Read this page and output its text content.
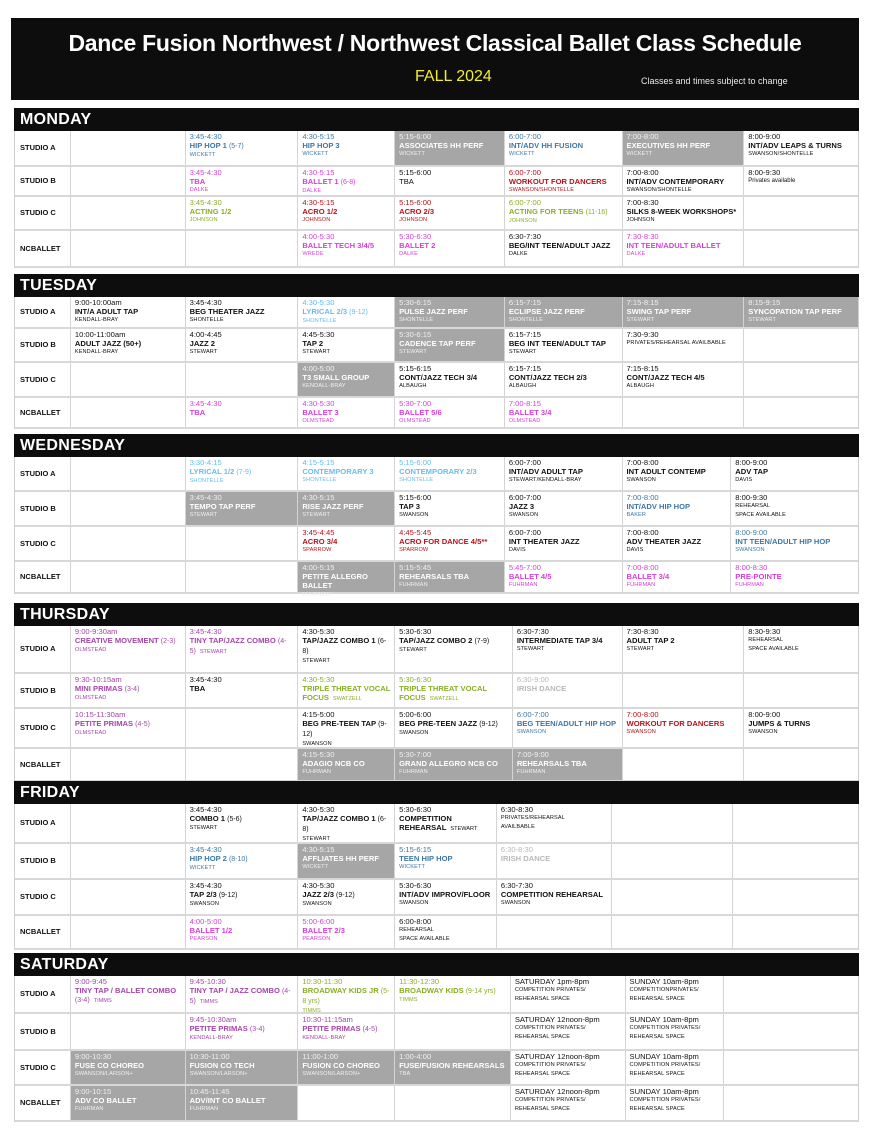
Dance Fusion Northwest / Northwest Classical Ballet Class Schedule
FALL 2024	Classes and times subject to change
MONDAY
STUDIO A
3:45-4:30
HIP HOP 1 (5-7)
WICKETT
4:30-5:15
HIP HOP 3
WICKETT
5:15-6:00
ASSOCIATES HH PERF
WICKETT
6:00-7:00
INT/ADV HH FUSION
WICKETT
7:00-8:00
EXECUTIVES HH PERF
WICKETT
8:00-9:00
INT/ADV LEAPS & TURNS
SWANSON/SHONTELLE
STUDIO B
3:45-4:30
TBA
DALKE
4:30-5:15
BALLET 1 (6-8)
DALKE
5:15-6:00
TBA
6:00-7:00
WORKOUT FOR DANCERS
SWANSON/SHONTELLE
7:00-8:00
INT/ADV CONTEMPORARY
SWANSON/SHONTELLE
8:00-9:30
Privates available
STUDIO C
3:45-4:30
ACTING 1/2
JOHNSON
4:30-5:15
ACRO 1/2
JOHNSON
5:15-6:00
ACRO 2/3
JOHNSON
6:00-7:00
ACTING FOR TEENS (11-16)
JOHNSON
7:00-8:30
SILKS 8-WEEK WORKSHOPS*
JOHNSON
NCBALLET
4:00-5:30
BALLET TECH 3/4/5
WREDE
5:30-6:30
BALLET 2
DALKE
6:30-7:30
BEG/INT TEEN/ADULT JAZZ
DALKE
7:30-8:30
INT TEEN/ADULT BALLET
DALKE
TUESDAY
STUDIO A
9:00-10:00am
INT/A ADULT TAP
KENDALL-BRAY
3:45-4:30
BEG THEATER JAZZ
SHONTELLE
4:30-5:30
LYRICAL 2/3 (9-12)
SHONTELLE
5:30-6:15
PULSE JAZZ PERF
SHONTELLE
6:15-7:15
ECLIPSE JAZZ PERF
SHONTELLE
7:15-8:15
SWING TAP PERF
STEWART
8:15-9:15
SYNCOPATION TAP PERF
STEWART
STUDIO B
10:00-11:00am
ADULT JAZZ (50+)
KENDALL-BRAY
4:00-4:45
JAZZ 2
STEWART
4:45-5:30
TAP 2
STEWART
5:30-6:15
CADENCE TAP PERF
STEWART
6:15-7:15
BEG INT TEEN/ADULT TAP
STEWART
7:30-9:30
PRIVATES/REHEARSAL AVAILBABLE
STUDIO C
4:00-5:00
T3 SMALL GROUP
KENDALL-BRAY
5:15-6:15
CONT/JAZZ TECH 3/4
ALBAUGH
6:15-7:15
CONT/JAZZ TECH 2/3
ALBAUGH
7:15-8:15
CONT/JAZZ TECH 4/5
ALBAUGH
NCBALLET
3:45-4:30
TBA
4:30-5:30
BALLET 3
OLMSTEAD
5:30-7:00
BALLET 5/6
OLMSTEAD
7:00-8:15
BALLET 3/4
OLMSTEAD
WEDNESDAY
STUDIO A
3:30-4:15
LYRICAL 1/2 (7-9)
SHONTELLE
4:15-5:15
CONTEMPORARY 3
SHONTELLE
5:15-6:00
CONTEMPORARY 2/3
SHONTELLE
6:00-7:00
INT/ADV ADULT TAP
STEWART/KENDALL-BRAY
7:00-8:00
INT ADULT CONTEMP
SWANSON
8:00-9:00
ADV TAP
DAVIS
STUDIO B
3:45-4:30
TEMPO TAP PERF
STEWART
4:30-5:15
RISE JAZZ PERF
STEWART
5:15-6:00
TAP 3
SWANSON
6:00-7:00
JAZZ 3
SWANSON
7:00-8:00
INT/ADV HIP HOP
BAKER
8:00-9:30
REHEARSAL
SPACE AVAILABLE
STUDIO C
3:45-4:45
ACRO 3/4
SPARROW
4:45-5:45
ACRO FOR DANCE 4/5**
SPARROW
6:00-7:00
INT THEATER JAZZ
DAVIS
7:00-8:00
ADV THEATER JAZZ
DAVIS
8:00-9:00
INT TEEN/ADULT HIP HOP
SWANSON
NCBALLET
4:00-5:15
PETITE ALLEGRO BALLET
FUHRMAN
5:15-5:45
REHEARSALS TBA
FUHRMAN
5:45-7:00
BALLET 4/5
FUHRMAN
7:00-8:00
BALLET 3/4
FUHRMAN
8:00-8:30
PRE-POINTE
FUHRMAN
THURSDAY
STUDIO A
9:00-9:30am
CREATIVE MOVEMENT (2-3)
OLMSTEAD
3:45-4:30
TINY TAP/JAZZ COMBO (4-5) STEWART
4:30-5:30
TAP/JAZZ COMBO 1 (6-8)
STEWART
5:30-6:30
TAP/JAZZ COMBO 2 (7-9)
STEWART
6:30-7:30
INTERMEDIATE TAP 3/4
STEWART
7:30-8:30
ADULT TAP 2
STEWART
8:30-9:30
REHEARSAL
SPACE AVAILABLE
STUDIO B
9:30-10:15am
MINI PRIMAS (3-4)
OLMSTEAD
3:45-4:30
TBA
4:30-5:30
TRIPLE THREAT VOCAL FOCUS SWATZELL
5:30-6:30
TRIPLE THREAT VOCAL FOCUS SWATZELL
6:30-9:00
IRISH DANCE
STUDIO C
10:15-11:30am
PETITE PRIMAS (4-5)
OLMSTEAD
4:15-5:00
BEG PRE-TEEN TAP (9-12)
SWANSON
5:00-6:00
BEG PRE-TEEN JAZZ (9-12)
SWANSON
6:00-7:00
BEG TEEN/ADULT HIP HOP
SWANSON
7:00-8:00
WORKOUT FOR DANCERS
SWANSON
8:00-9:00
JUMPS & TURNS
SWANSON
NCBALLET
4:15-5:30
ADAGIO NCB CO
FUHRMAN
5:30-7:00
GRAND ALLEGRO NCB CO
FUHRMAN
7:00-9:00
REHEARSALS TBA
FUHRMAN
FRIDAY
STUDIO A
3:45-4:30
COMBO 1 (5-6)
STEWART
4:30-5:30
TAP/JAZZ COMBO 1 (6-8)
STEWART
5:30-6:30
COMPETITION REHEARSAL STEWART
6:30-8:30
PRIVATES/REHEARSAL
AVAILBABLE
STUDIO B
3:45-4:30
HIP HOP 2 (8-10)
WICKETT
4:30-5:15
AFFLIATES HH PERF
WICKETT
5:15-6:15
TEEN HIP HOP
WICKETT
6:30-8:30
IRISH DANCE
STUDIO C
3:45-4:30
TAP 2/3 (9-12)
SWANSON
4:30-5:30
JAZZ 2/3 (9-12)
SWANSON
5:30-6:30
INT/ADV IMPROV/FLOOR
SWANSON
6:30-7:30
COMPETITION REHEARSAL
SWANSON
NCBALLET
4:00-5:00
BALLET 1/2
PEARSON
5:00-6:00
BALLET 2/3
PEARSON
6:00-8:00
REHEARSAL
SPACE AVAILABLE
SATURDAY
STUDIO A
9:00-9:45
TINY TAP / BALLET COMBO
(3-4) TIMMS
9:45-10:30
TINY TAP / JAZZ COMBO (4-5) TIMMS
10:30-11:30
BROADWAY KIDS JR (5-8 yrs)
TIMMS
11:30-12:30
BROADWAY KIDS (9-14 yrs)
TIMMS
SATURDAY 1pm-8pm
COMPETITION PRIVATES/
REHEARSAL SPACE
SUNDAY 10am-8pm
COMPETITIONPRIVATES/
REHEARSAL SPACE
STUDIO B
9:45-10:30am
PETITE PRIMAS (3-4)
KENDALL-BRAY
10:30-11:15am
PETITE PRIMAS (4-5)
KENDALL-BRAY
SATURDAY 12noon-8pm
COMPETITION PRIVATES/
REHEARSAL SPACE
SUNDAY 10am-8pm
COMPETITION PRIVATES/
REHEARSAL SPACE
STUDIO C
9:00-10:30
FUSE CO CHOREO
SWANSON/LARSON+
10:30-11:00
FUSION CO TECH
SWANSON/LARSON+
11:00-1:00
FUSION CO CHOREO
SWANSON/LARSON+
1:00-4:00
FUSE/FUSION REHEARSALS
TBA
SATURDAY 12noon-8pm
COMPETITION PRIVATES/
REHEARSAL SPACE
SUNDAY 10am-8pm
COMPETITION PRIVATES/
REHEARSAL SPACE
NCBALLET
9:00-10:15
ADV CO BALLET
FUHRMAN
10:45-11:45
ADV/INT CO BALLET
FUHRMAN
SATURDAY 12noon-8pm
COMPETITION PRIVATES/
REHEARSAL SPACE
SUNDAY 10am-8pm
COMPETITION PRIVATES/
REHEARSAL SPACE
